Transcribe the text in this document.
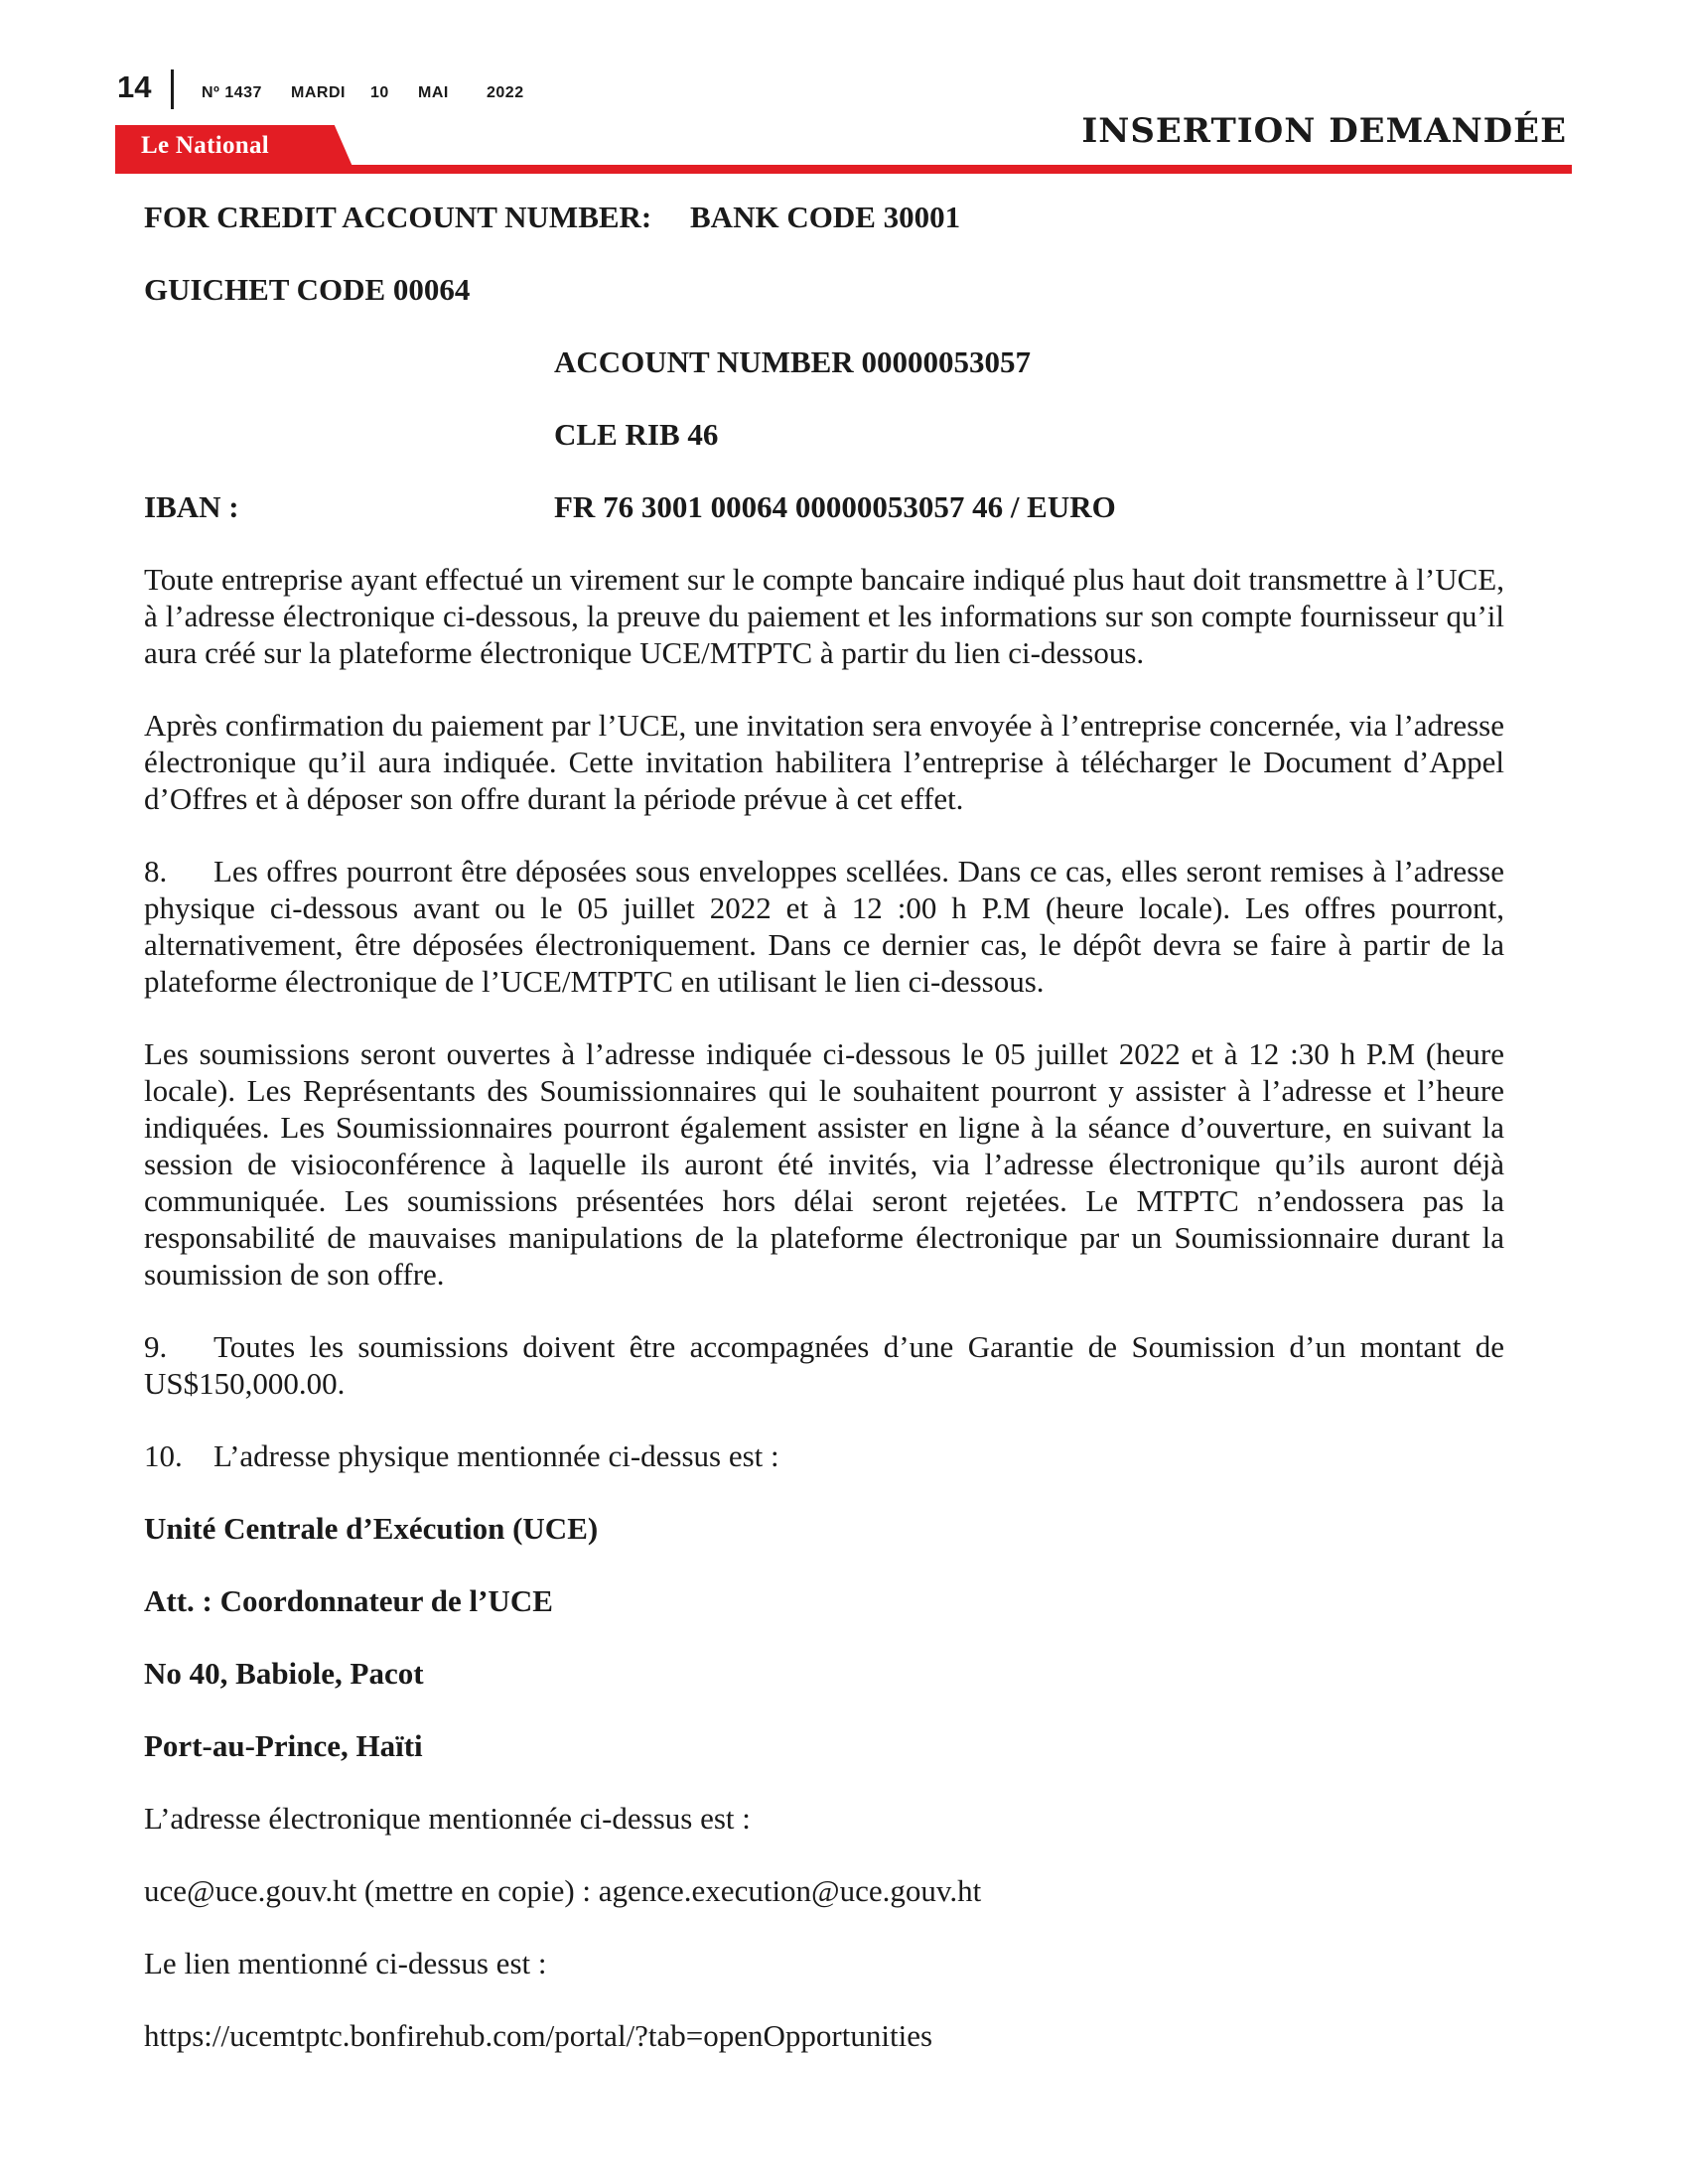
14	Nº 1437 MARDI 10 MAI 2022
Le National	INSERTION DEMANDÉE
FOR CREDIT ACCOUNT NUMBER: BANK CODE 30001
GUICHET CODE 00064
ACCOUNT NUMBER 00000053057
CLE RIB 46
IBAN :	FR 76 3001 00064 00000053057 46 / EURO

Toute entreprise ayant effectué un virement sur le compte bancaire indiqué plus haut doit transmettre à l’UCE, à l’adresse électronique ci-dessous, la preuve du paiement et les informations sur son compte fournisseur qu’il aura créé sur la plateforme électronique UCE/MTPTC à partir du lien ci-dessous.

Après confirmation du paiement par l’UCE, une invitation sera envoyée à l’entreprise concernée, via l’adresse électronique qu’il aura indiquée. Cette invitation habilitera l’entreprise à télécharger le Document d’Appel d’Offres et à déposer son offre durant la période prévue à cet effet.

8. Les offres pourront être déposées sous enveloppes scellées. Dans ce cas, elles seront remises à l’adresse physique ci-dessous avant ou le 05 juillet 2022 et à 12 :00 h P.M (heure locale). Les offres pourront, alternativement, être déposées électroniquement. Dans ce dernier cas, le dépôt devra se faire à partir de la plateforme électronique de l’UCE/MTPTC en utilisant le lien ci-dessous.

Les soumissions seront ouvertes à l’adresse indiquée ci-dessous le 05 juillet 2022 et à 12 :30 h P.M (heure locale). Les Représentants des Soumissionnaires qui le souhaitent pourront y assister à l’adresse et l’heure indiquées. Les Soumissionnaires pourront également assister en ligne à la séance d’ouverture, en suivant la session de visioconférence à laquelle ils auront été invités, via l’adresse électronique qu’ils auront déjà communiquée. Les soumissions présentées hors délai seront rejetées. Le MTPTC n’endossera pas la responsabilité de mauvaises manipulations de la plateforme électronique par un Soumissionnaire durant la soumission de son offre.

9. Toutes les soumissions doivent être accompagnées d’une Garantie de Soumission d’un montant de US$150,000.00.

10. L’adresse physique mentionnée ci-dessus est :

Unité Centrale d’Exécution (UCE)

Att. : Coordonnateur de l’UCE

No 40, Babiole, Pacot

Port-au-Prince, Haïti

L’adresse électronique mentionnée ci-dessus est :

uce@uce.gouv.ht (mettre en copie) : agence.execution@uce.gouv.ht

Le lien mentionné ci-dessus est :

https://ucemtptc.bonfirehub.com/portal/?tab=openOpportunities
